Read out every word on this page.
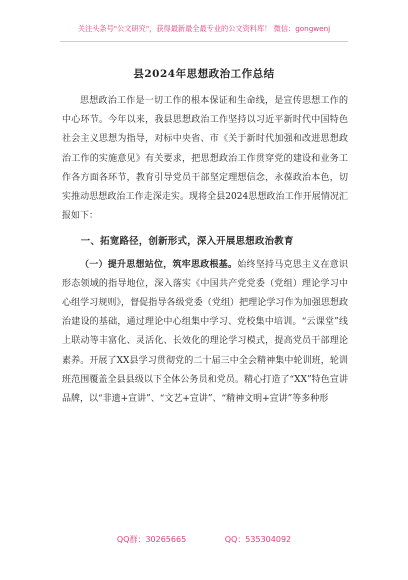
关注头条号"公文研究"，获得最新最全最专业的公文资料库！ 微信：gongwenj
县2024年思想政治工作总结

思想政治工作是一切工作的根本保证和生命线，是宣传思想工作的中心环节。今年以来，我县思想政治工作坚持以习近平新时代中国特色社会主义思想为指导，对标中央省、市《关于新时代加强和改进思想政治工作的实施意见》有关要求，把思想政治工作贯穿党的建设和业务工作各方面各环节，教育引导党员干部坚定理想信念，永葆政治本色，切实推动思想政治工作走深走实。现将全县2024思想政治工作开展情况汇报如下：

一、拓宽路径，创新形式，深入开展思想政治教育

（一）提升思想站位，筑牢思政根基。始终坚持马克思主义在意识形态领域的指导地位，深入落实《中国共产党党委（党组）理论学习中心组学习规则》，督促指导各级党委（党组）把理论学习作为加强思想政治建设的基础，通过理论中心组集中学习、党校集中培训。“云课堂”线上联动等丰富化、灵活化、长效化的理论学习模式，提高党员干部理论素养。开展了XX县学习贯彻党的二十届三中全会精神集中轮训班，轮训班范围覆盖全县县级以下全体公务员和党员。精心打造了“XX”特色宣讲品牌，以“非遗+宣讲”、“文艺+宣讲”、“精神文明+宣讲”等多种形

QQ群：30265665	QQ：535304092
